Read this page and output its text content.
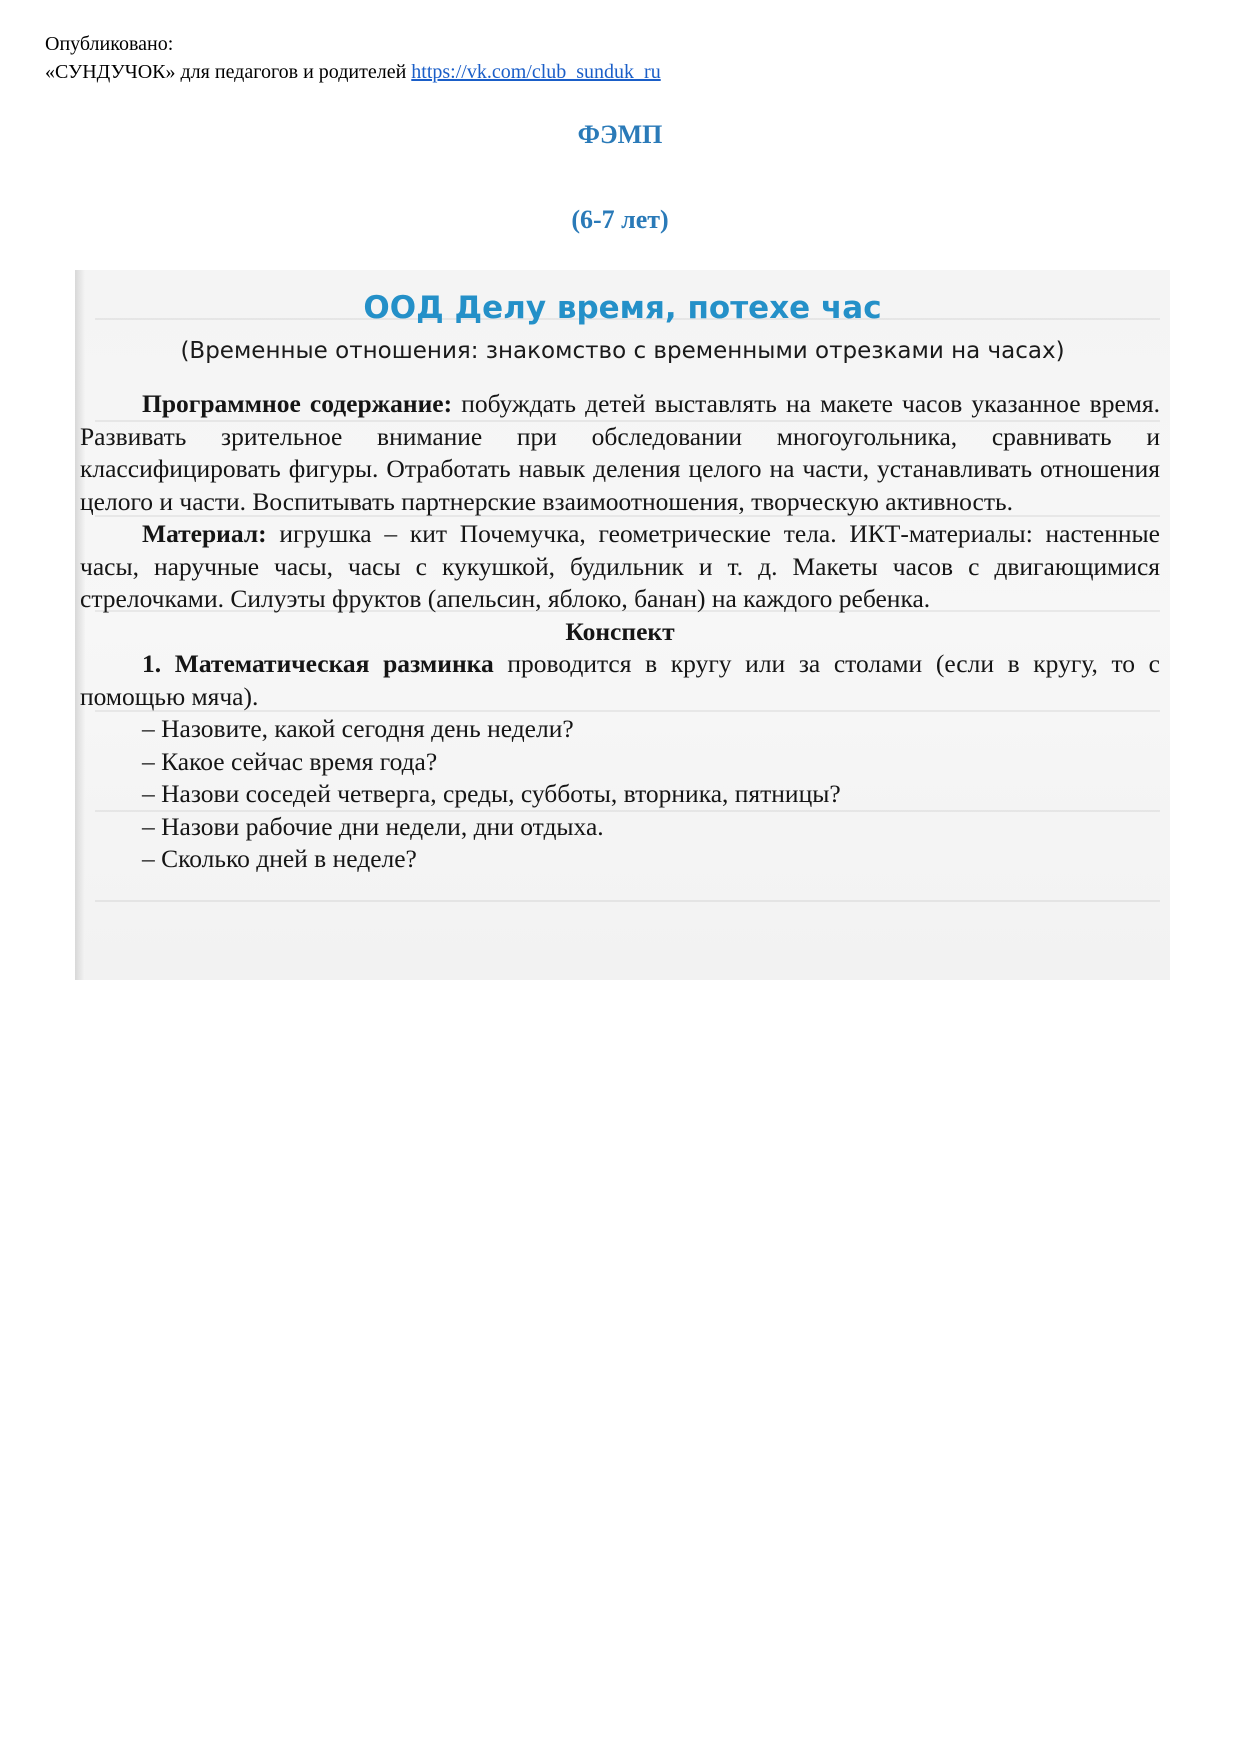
Опубликовано:
«СУНДУЧОК» для педагогов и родителей https://vk.com/club_sunduk_ru
ФЭМП
(6-7 лет)
ООД Делу время, потехе час
(Временные отношения: знакомство с временными отрезками на часах)

Программное содержание: побуждать детей выставлять на макете часов указанное время. Развивать зрительное внимание при обследовании многоугольника, сравнивать и классифицировать фигуры. Отработать навык деления целого на части, устанавливать отношения целого и части. Воспитывать партнерские взаимоотношения, творческую активность.

Материал: игрушка – кит Почемучка, геометрические тела. ИКТ-материалы: настенные часы, наручные часы, часы с кукушкой, будильник и т. д. Макеты часов с двигающимися стрелочками. Силуэты фруктов (апельсин, яблоко, банан) на каждого ребенка.

Конспект

1. Математическая разминка проводится в кругу или за столами (если в кругу, то с помощью мяча).

– Назовите, какой сегодня день недели?

– Какое сейчас время года?

– Назови соседей четверга, среды, субботы, вторника, пятницы?

– Назови рабочие дни недели, дни отдыха.

– Сколько дней в неделе?
